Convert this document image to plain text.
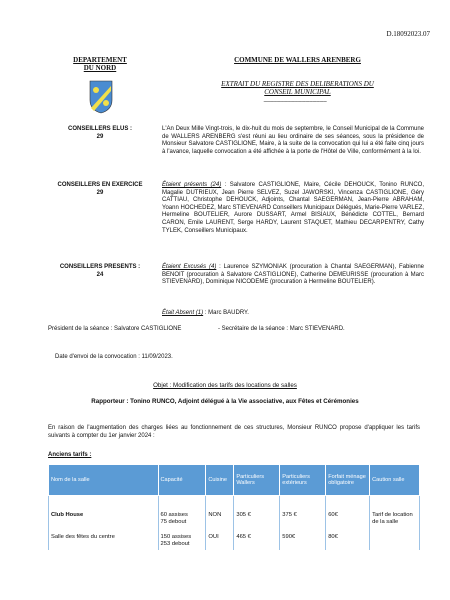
D.18092023.07
DEPARTEMENT
DU NORD
COMMUNE DE WALLERS ARENBERG
EXTRAIT DU REGISTRE DES DELIBERATIONS DU
CONSEIL MUNICIPAL
------------------------------------------------------
CONSEILLERS ELUS :
29
L'An Deux Mille Vingt-trois, le dix-huit du mois de septembre, le Conseil Municipal de la Commune de WALLERS ARENBERG s'est réuni au lieu ordinaire de ses séances, sous la présidence de Monsieur Salvatore CASTIGLIONE, Maire, à la suite de la convocation qui lui a été faite cinq jours à l'avance, laquelle convocation a été affichée à la porte de l'Hôtel de Ville, conformément à la loi.
CONSEILLERS EN EXERCICE
29
Étaient présents (24) : Salvatore CASTIGLIONE, Maire, Cécile DEHOUCK, Tonino RUNCO, Magalie DUTRIEUX, Jean Pierre SELVEZ, Suzel JAWORSKI, Vincenza CASTIGLIONE, Géry CATTIAU, Christophe DEHOUCK, Adjoints, Chantal SAEGERMAN, Jean-Pierre ABRAHAM, Yoann HOCHEDEZ, Marc STIEVENARD Conseillers Municipaux Délégués, Marie-Pierre VARLEZ, Hermeline BOUTELIER, Aurore DUSSART, Armel BISIAUX, Bénédicte COTTEL, Bernard CARON, Emile LAURENT, Serge HARDY, Laurent STAQUET, Mathieu DECARPENTRY, Cathy TYLEK, Conseillers Municipaux.
CONSEILLERS PRESENTS :
24
Étaient Excusés (4) : Laurence SZYMONIAK (procuration à Chantal SAEGERMAN), Fabienne BENOIT (procuration à Salvatore CASTIGLIONE), Catherine DEMEURISSE (procuration à Marc STIEVENARD), Dominique NICODEME (procuration à Hermeline BOUTELIER).
Était Absent (1) : Marc BAUDRY.
Président de la séance : Salvatore CASTIGLIONE	- Secrétaire de la séance : Marc STIEVENARD.
Date d'envoi de la convocation : 11/09/2023.
Objet : Modification des tarifs des locations de salles
Rapporteur : Tonino RUNCO, Adjoint délégué à la Vie associative, aux Fêtes et Cérémonies
En raison de l'augmentation des charges liées au fonctionnement de ces structures, Monsieur RUNCO propose d'appliquer les tarifs suivants à compter du 1er janvier 2024 :
Anciens tarifs :
Nom de la salle	Capacité	Cuisine	Particuliers Wallers	Particuliers extérieurs	Forfait ménage obligatoire	Caution salle
Club House	60 assises
75 debout	NON	305 €	375 €	60€	Tarif de location de la salle
Salle des fêtes du centre	150 assises
253 debout	OUI	465 €	590€	80€	
